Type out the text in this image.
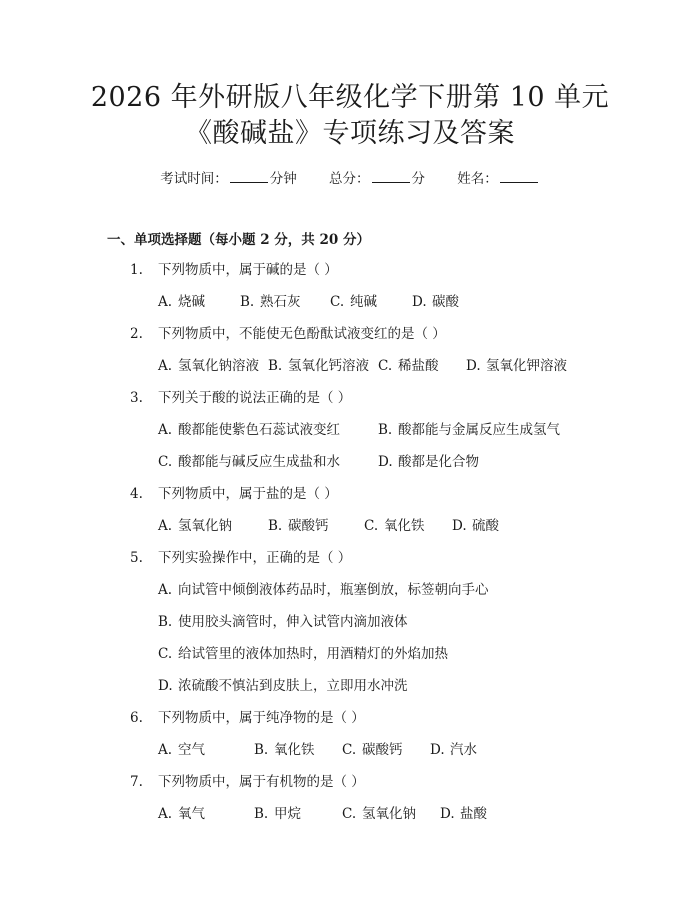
2026 年外研版八年级化学下册第 10 单元
《酸碱盐》专项练习及答案
考试时间：	分钟 总分：	分 姓名：
一、单项选择题（每小题 2 分，共 20 分）
1. 下列物质中，属于碱的是（ ）
A. 烧碱	B. 熟石灰 C. 纯碱	D. 碳酸
2. 下列物质中，不能使无色酚酞试液变红的是（ ）
A. 氢氧化钠溶液 B. 氢氧化钙溶液 C. 稀盐酸 D. 氢氧化钾溶液
3. 下列关于酸的说法正确的是（ ）
A. 酸都能使紫色石蕊试液变红	B. 酸都能与金属反应生成氢气
C. 酸都能与碱反应生成盐和水	D. 酸都是化合物
4. 下列物质中，属于盐的是（ ）
A. 氢氧化钠	B. 碳酸钙	C. 氧化铁 D. 硫酸
5. 下列实验操作中，正确的是（ ）
A. 向试管中倾倒液体药品时，瓶塞倒放，标签朝向手心
B. 使用胶头滴管时，伸入试管内滴加液体
C. 给试管里的液体加热时，用酒精灯的外焰加热
D. 浓硫酸不慎沾到皮肤上，立即用水冲洗
6. 下列物质中，属于纯净物的是（ ）
A. 空气	B. 氧化铁 C. 碳酸钙 D. 汽水
7. 下列物质中，属于有机物的是（ ）
A. 氧气	B. 甲烷	C. 氢氧化钠 D. 盐酸
